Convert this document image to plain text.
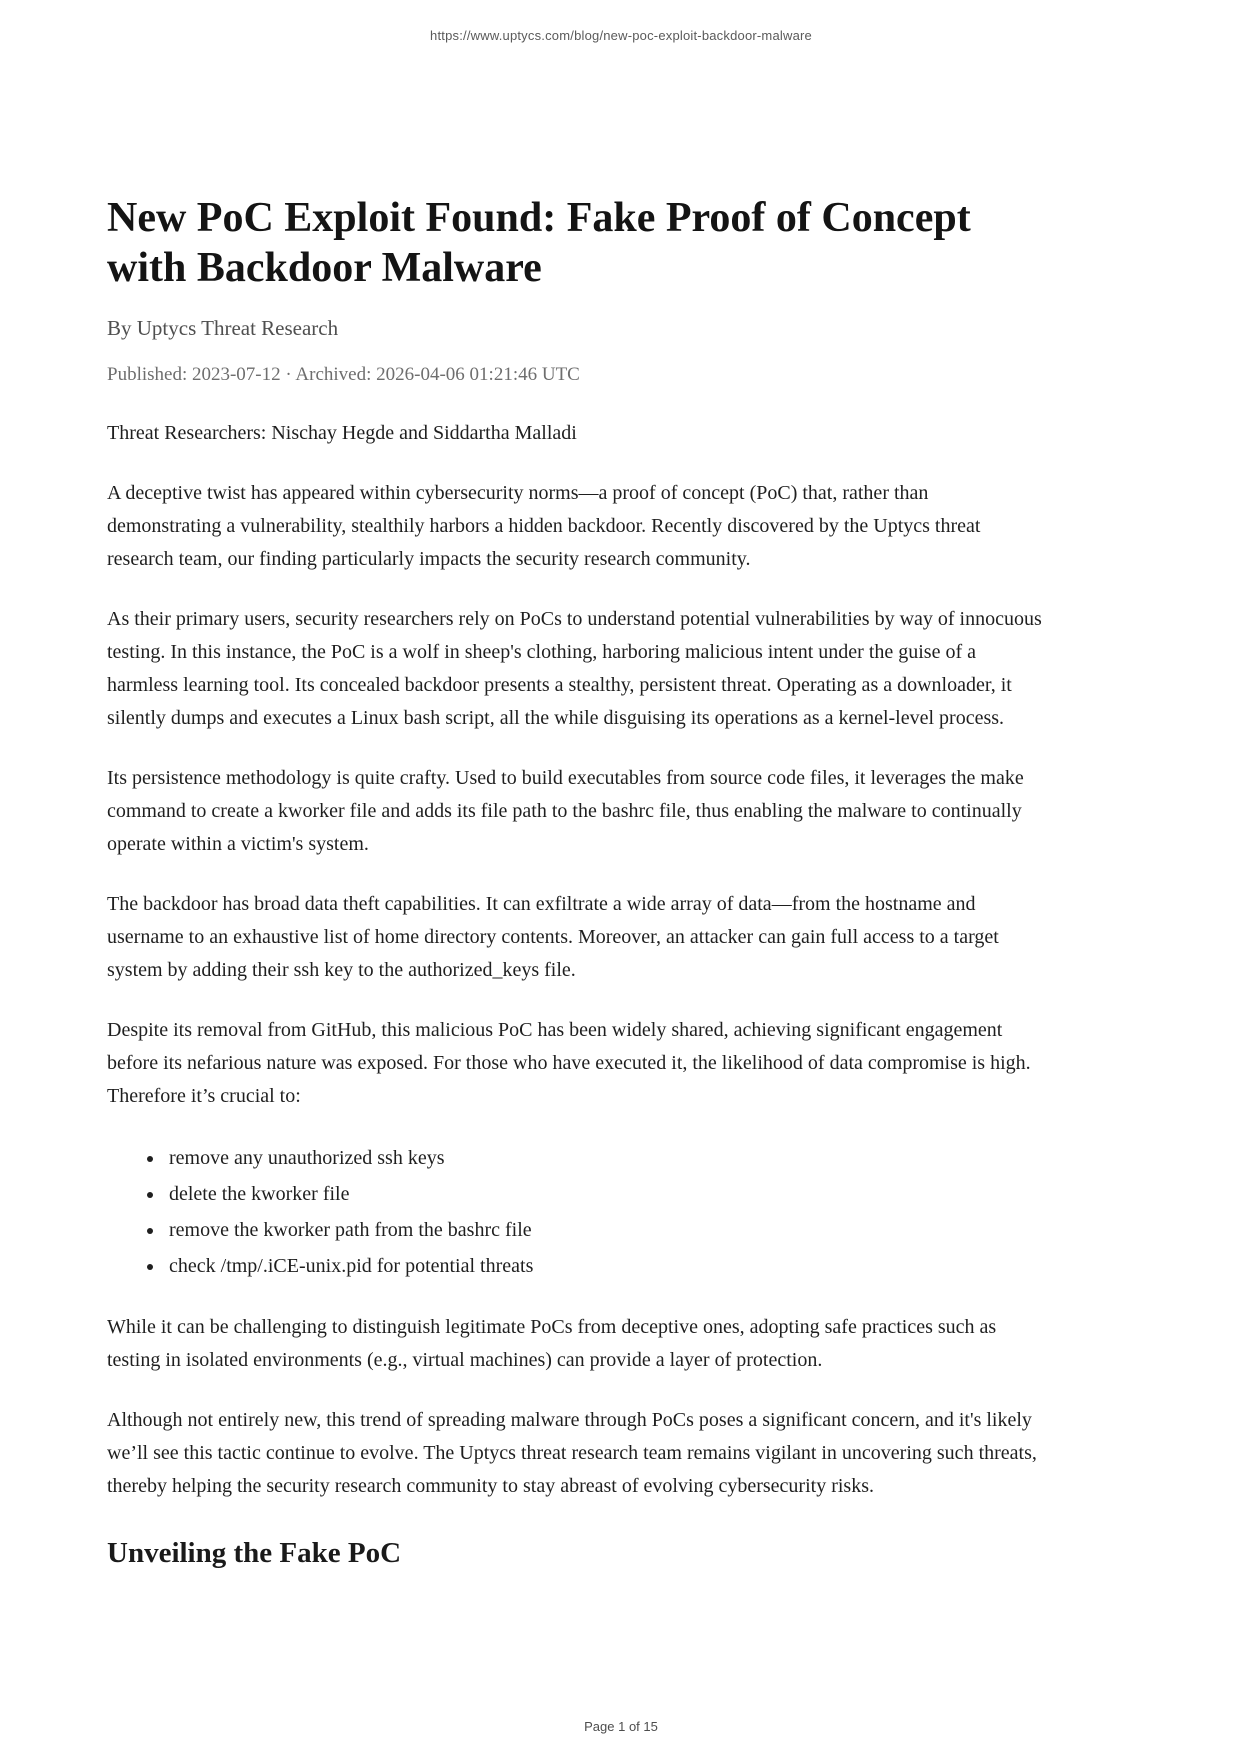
https://www.uptycs.com/blog/new-poc-exploit-backdoor-malware
New PoC Exploit Found: Fake Proof of Concept with Backdoor Malware

By Uptycs Threat Research

Published: 2023-07-12 · Archived: 2026-04-06 01:21:46 UTC

Threat Researchers: Nischay Hegde and Siddartha Malladi

A deceptive twist has appeared within cybersecurity norms—a proof of concept (PoC) that, rather than demonstrating a vulnerability, stealthily harbors a hidden backdoor. Recently discovered by the Uptycs threat research team, our finding particularly impacts the security research community.

As their primary users, security researchers rely on PoCs to understand potential vulnerabilities by way of innocuous testing. In this instance, the PoC is a wolf in sheep's clothing, harboring malicious intent under the guise of a harmless learning tool. Its concealed backdoor presents a stealthy, persistent threat. Operating as a downloader, it silently dumps and executes a Linux bash script, all the while disguising its operations as a kernel-level process.

Its persistence methodology is quite crafty. Used to build executables from source code files, it leverages the make command to create a kworker file and adds its file path to the bashrc file, thus enabling the malware to continually operate within a victim's system.

The backdoor has broad data theft capabilities. It can exfiltrate a wide array of data—from the hostname and username to an exhaustive list of home directory contents. Moreover, an attacker can gain full access to a target system by adding their ssh key to the authorized_keys file.

Despite its removal from GitHub, this malicious PoC has been widely shared, achieving significant engagement before its nefarious nature was exposed. For those who have executed it, the likelihood of data compromise is high. Therefore it’s crucial to:

• remove any unauthorized ssh keys
• delete the kworker file
• remove the kworker path from the bashrc file
• check /tmp/.iCE-unix.pid for potential threats

While it can be challenging to distinguish legitimate PoCs from deceptive ones, adopting safe practices such as testing in isolated environments (e.g., virtual machines) can provide a layer of protection.

Although not entirely new, this trend of spreading malware through PoCs poses a significant concern, and it's likely we’ll see this tactic continue to evolve. The Uptycs threat research team remains vigilant in uncovering such threats, thereby helping the security research community to stay abreast of evolving cybersecurity risks.

Unveiling the Fake PoC
Page 1 of 15
